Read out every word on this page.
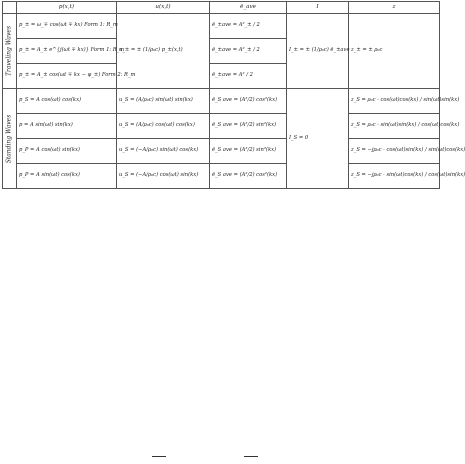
	p(x,t)	u(x,t)	ē_ave	I	z

Traveling Waves	p_± = ω_∓ cos(ωt ∓ kx) Form 1: R_m	u_± = ± (1/ρ₀c) p_±(x,t)	ē_±ave = A²_± / 2	I_± = ± (1/ρ₀c) ē_±ave	z_± = ± ρ₀c
	p_± = A_± e^{j(ωt ∓ kx)} Form 1: R_m		ē_±ave = A²_± / 2		
	p_± = A_± cos(ωt ∓ kx − φ_±) Form 2: R_m		ē_±ave = A² / 2		

Standing Waves	p_S = A cos(ωt) cos(kx)	u_S = (A/ρ₀c) sin(ωt) sin(kx)	ē_S ave = (A²/2) cos²(kx)	I_S = 0	z_S = ρ₀c · cos(ωt)cos(kx) / sin(ωt)sin(kx)
	p = A sin(ωt) sin(kx)	u_S = (A/ρ₀c) cos(ωt) cos(kx)	ē_S ave = (A²/2) sin²(kx)		z_S = ρ₀c · sin(ωt)sin(kx) / cos(ωt)cos(kx)
	p_P = A cos(ωt) sin(kx)	u_S = (−A/ρ₀c) sin(ωt) cos(kx)	ē_S ave = (A²/2) sin²(kx)		z_S = −jρ₀c · cos(ωt)sin(kx) / sin(ωt)cos(kx)
	p_P = A sin(ωt) cos(kx)	u_S = (−A/ρ₀c) cos(ωt) sin(kx)	ē_S ave = (A²/2) cos²(kx)		z_S = −jρ₀c · sin(ωt)cos(kx) / cos(ωt)sin(kx)
